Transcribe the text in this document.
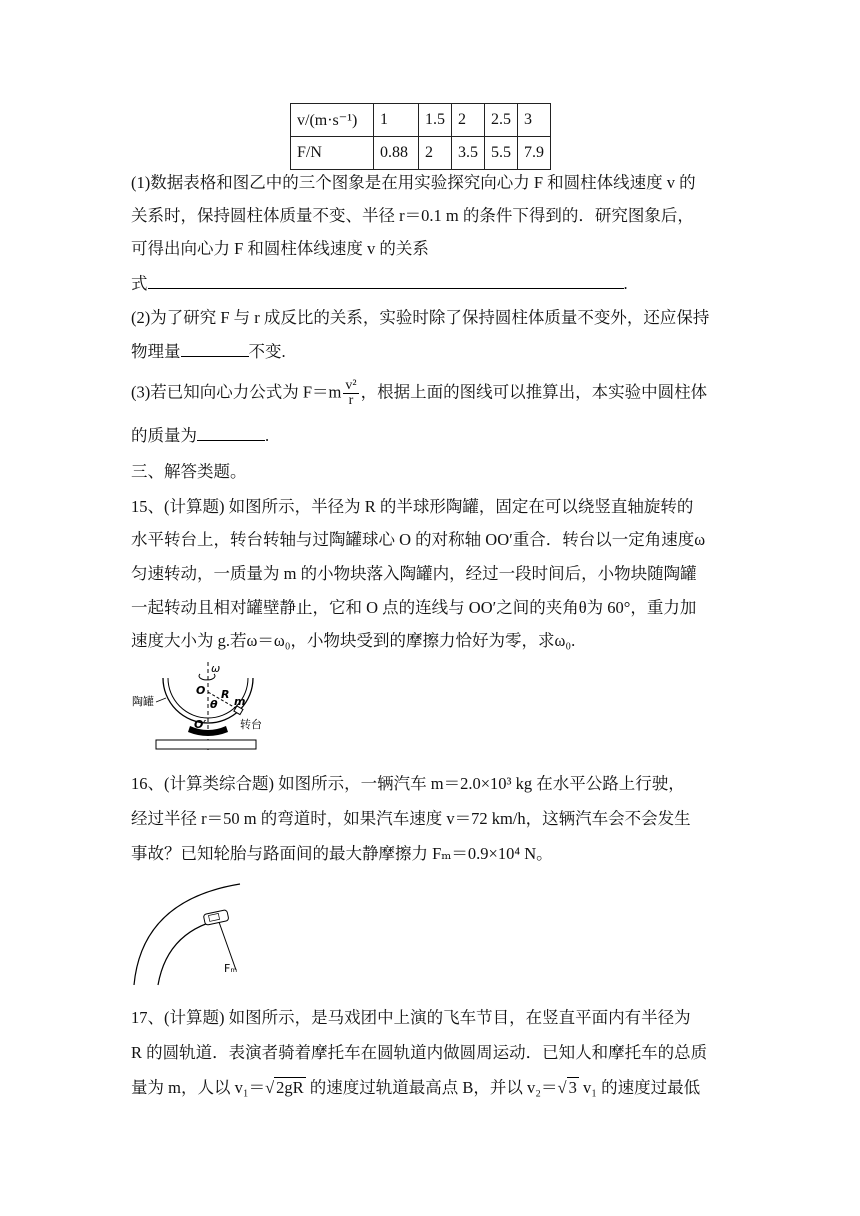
v/(m·s⁻¹)	1	1.5	2	2.5	3
F/N	0.88	2	3.5	5.5	7.9
(1)数据表格和图乙中的三个图象是在用实验探究向心力 F 和圆柱体线速度 v 的
关系时，保持圆柱体质量不变、半径 r＝0.1 m 的条件下得到的．研究图象后，
可得出向心力 F 和圆柱体线速度 v 的关系
式	.
(2)为了研究 F 与 r 成反比的关系，实验时除了保持圆柱体质量不变外，还应保持
物理量	不变.
(3)若已知向心力公式为 $F=m \frac{\text{v²}}{r}$ ，根据上面的图线可以推算出，本实验中圆柱体
的质量为	.
三、解答类题。
15、(计算题) 如图所示，半径为 R 的半球形陶罐，固定在可以绕竖直轴旋转的
水平转台上，转台转轴与过陶罐球心 O 的对称轴 OO′重合．转台以一定角速度ω
匀速转动，一质量为 m 的小物块落入陶罐内，经过一段时间后，小物块随陶罐
一起转动且相对罐壁静止，它和 O 点的连线与 OO′之间的夹角θ为 60°，重力加
速度大小为 g.若ω＝ω₀，小物块受到的摩擦力恰好为零，求ω₀.
ω
陶罐
O R
θ m
O′	转台
16、(计算类综合题) 如图所示，一辆汽车 m＝2.0×10³ kg 在水平公路上行驶，
经过半径 r＝50 m 的弯道时，如果汽车速度 v＝72 km/h，这辆汽车会不会发生
事故？已知轮胎与路面间的最大静摩擦力 Fₘ＝0.9×10⁴ N。
Fₘ
17、(计算题) 如图所示，是马戏团中上演的飞车节目，在竖直平面内有半径为
R 的圆轨道．表演者骑着摩托车在圆轨道内做圆周运动．已知人和摩托车的总质
量为 m，人以 v₁＝√ 2gR 的速度过轨道最高点 B，并以 v₂＝√ 3 v₁ 的速度过最低
